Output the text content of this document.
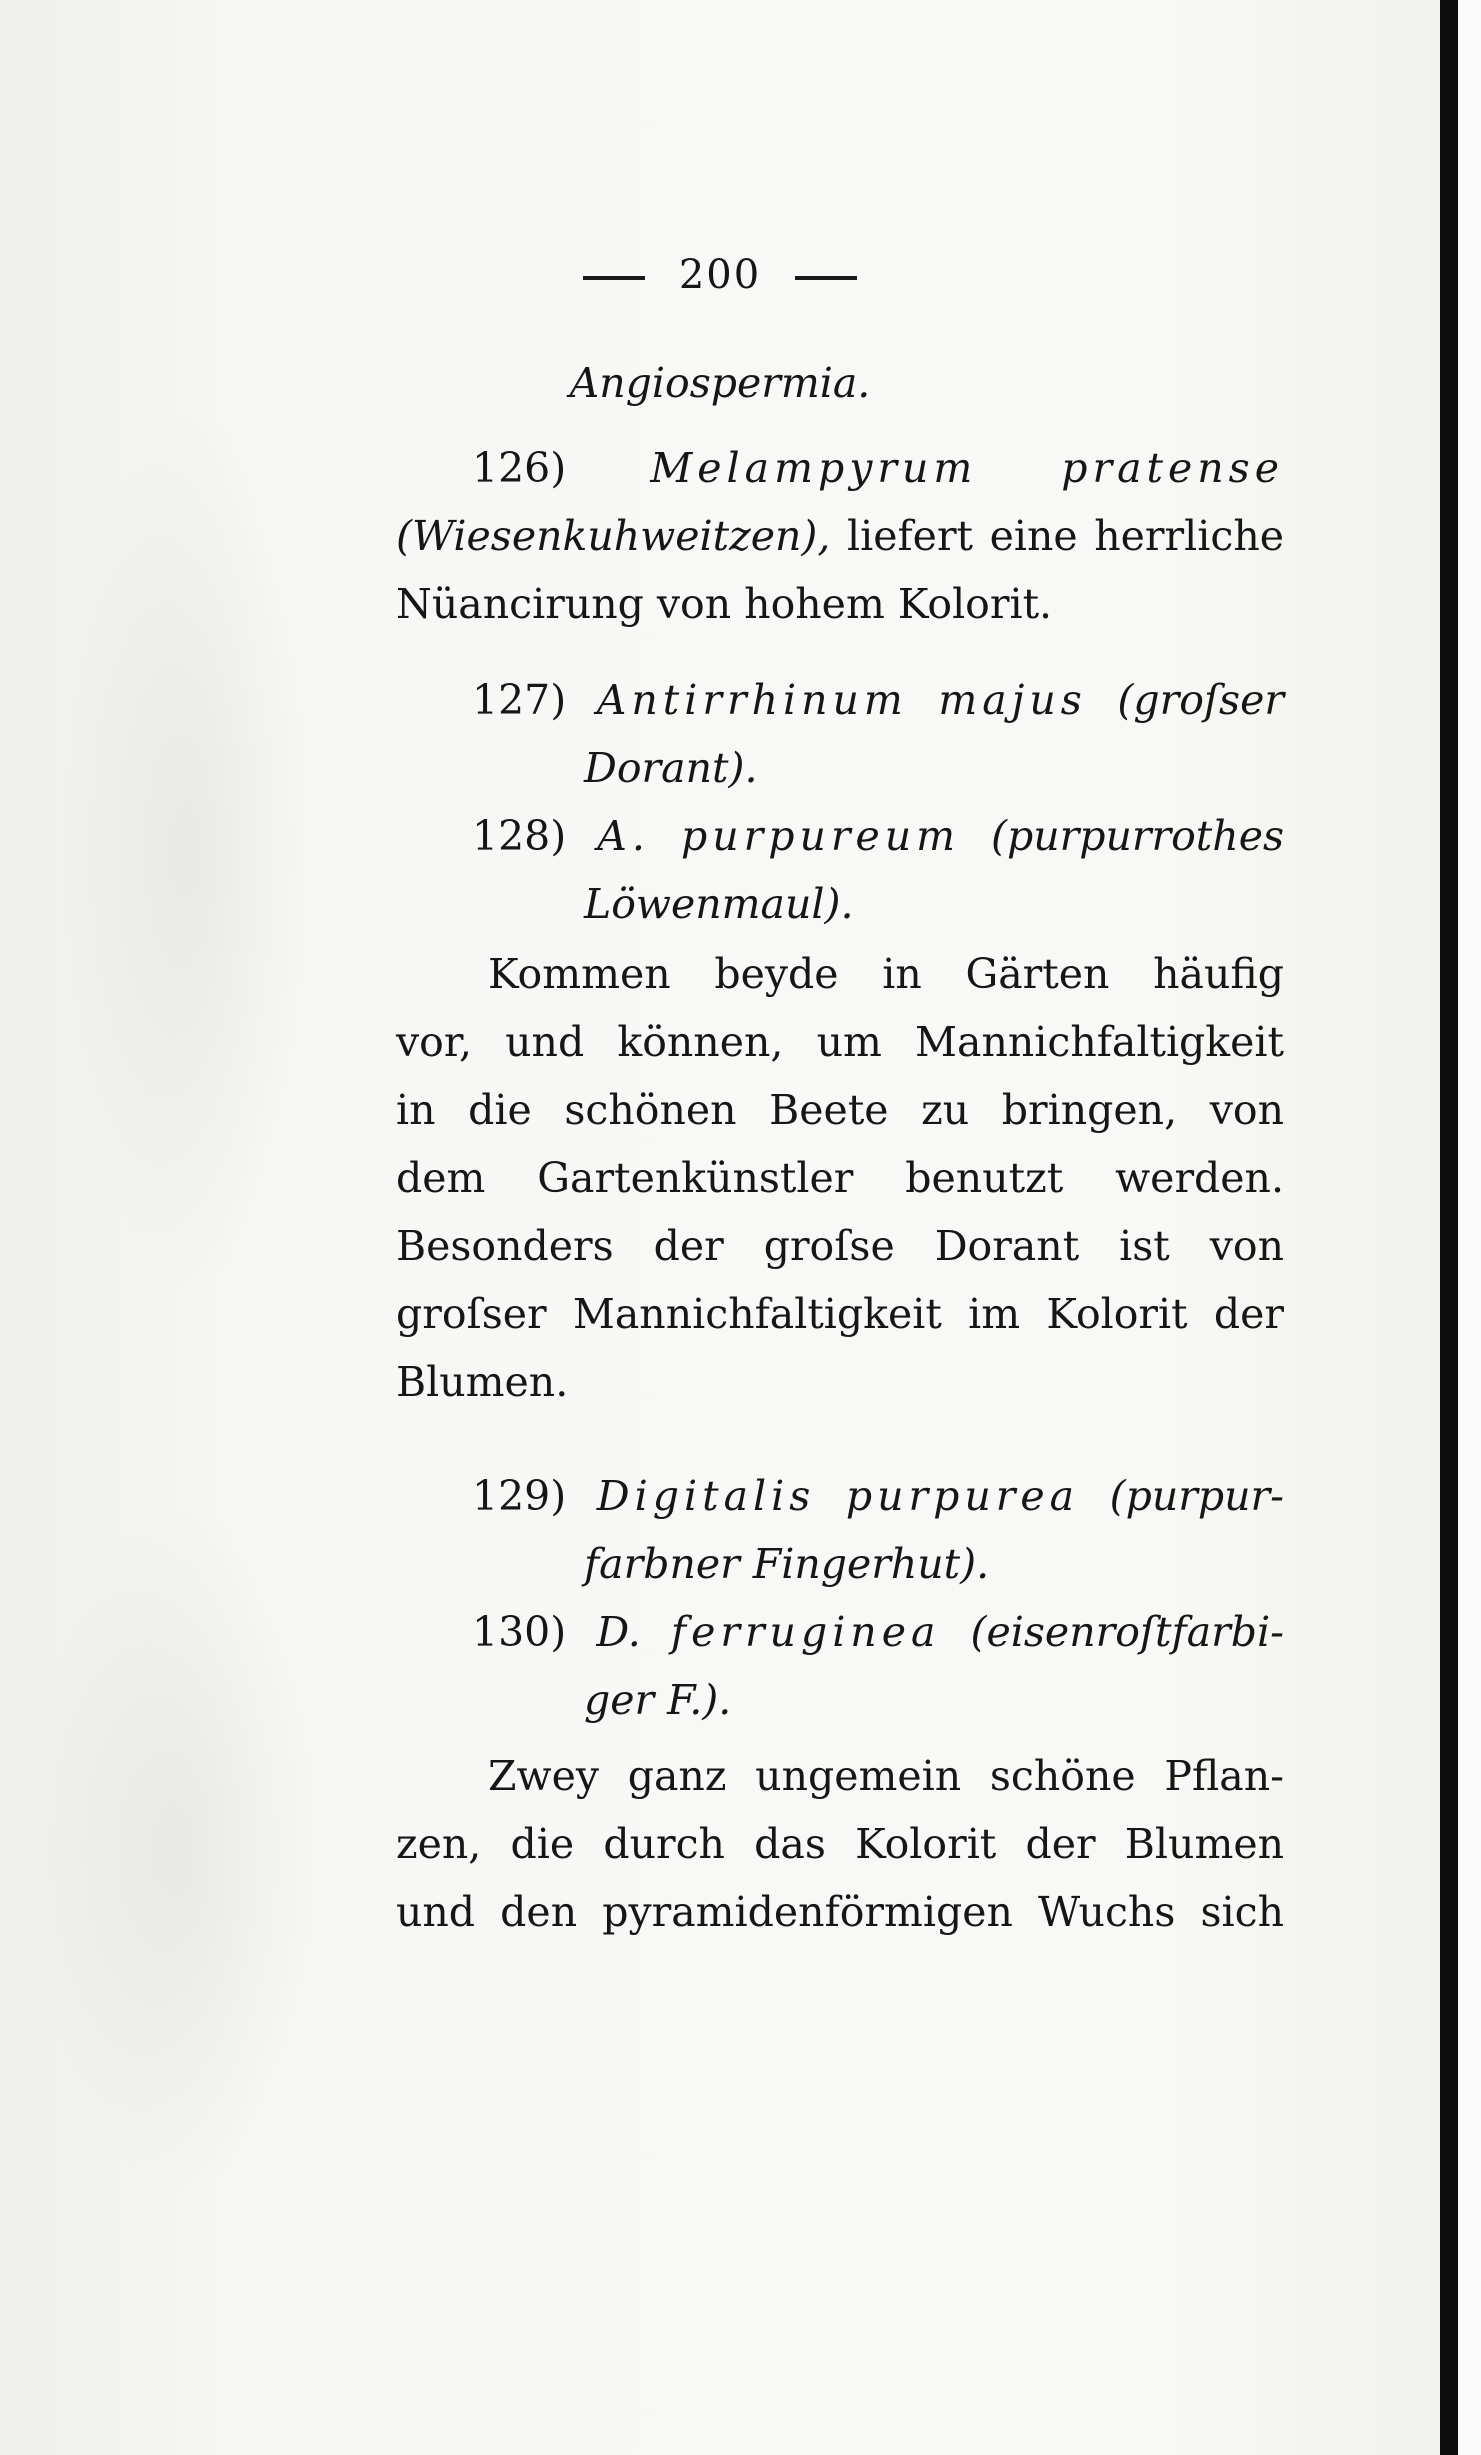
200
Angiospermia.
126) Melampyrum pratense
(Wiesenkuhweitzen), liefert eine herrliche
Nüancirung von hohem Kolorit.
127) Antirrhinum majus (groſser
Dorant).
128) A. purpureum (purpurrothes
Löwenmaul).
Kommen beyde in Gärten häufig
vor, und können, um Mannichfaltigkeit
in die schönen Beete zu bringen, von
dem Gartenkünstler benutzt werden.
Besonders der groſse Dorant ist von
groſser Mannichfaltigkeit im Kolorit der
Blumen.
129) Digitalis purpurea (purpur-
farbner Fingerhut).
130) D. ferruginea (eisenroſtfarbi-
ger F.).
Zwey ganz ungemein schöne Pflan-
zen, die durch das Kolorit der Blumen
und den pyramidenförmigen Wuchs sich
